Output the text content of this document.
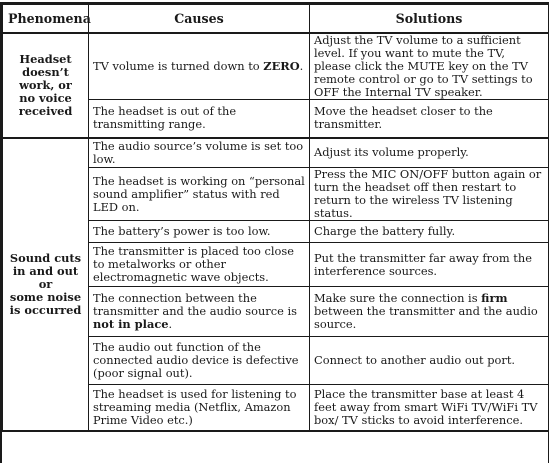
Phenomena	Causes	Solutions

Headset
doesn’t
work, or
no voice
received	TV volume is turned down to ZERO.	Adjust the TV volume to a sufficient level. If you want to mute the TV, please click the MUTE key on the TV remote control or go to TV settings to OFF the Internal TV speaker.
	The headset is out of the transmitting range.	Move the headset closer to the transmitter.

Sound cuts
in and out
or
some noise
is occurred	The audio source’s volume is set too low.	Adjust its volume properly.
	The headset is working on “personal sound amplifier” status with red LED on.	Press the MIC ON/OFF button again or turn the headset off then restart to return to the wireless TV listening status.
	The battery’s power is too low.	Charge the battery fully.
	The transmitter is placed too close to metalworks or other electromagnetic wave objects.	Put the transmitter far away from the interference sources.
	The connection between the transmitter and the audio source is not in place.	Make sure the connection is firm between the transmitter and the audio source.
	The audio out function of the connected audio device is defective (poor signal out).	Connect to another audio out port.
	The headset is used for listening to streaming media (Netflix, Amazon Prime Video etc.)	Place the transmitter base at least 4 feet away from smart WiFi TV/WiFi TV box/ TV sticks to avoid interference.
